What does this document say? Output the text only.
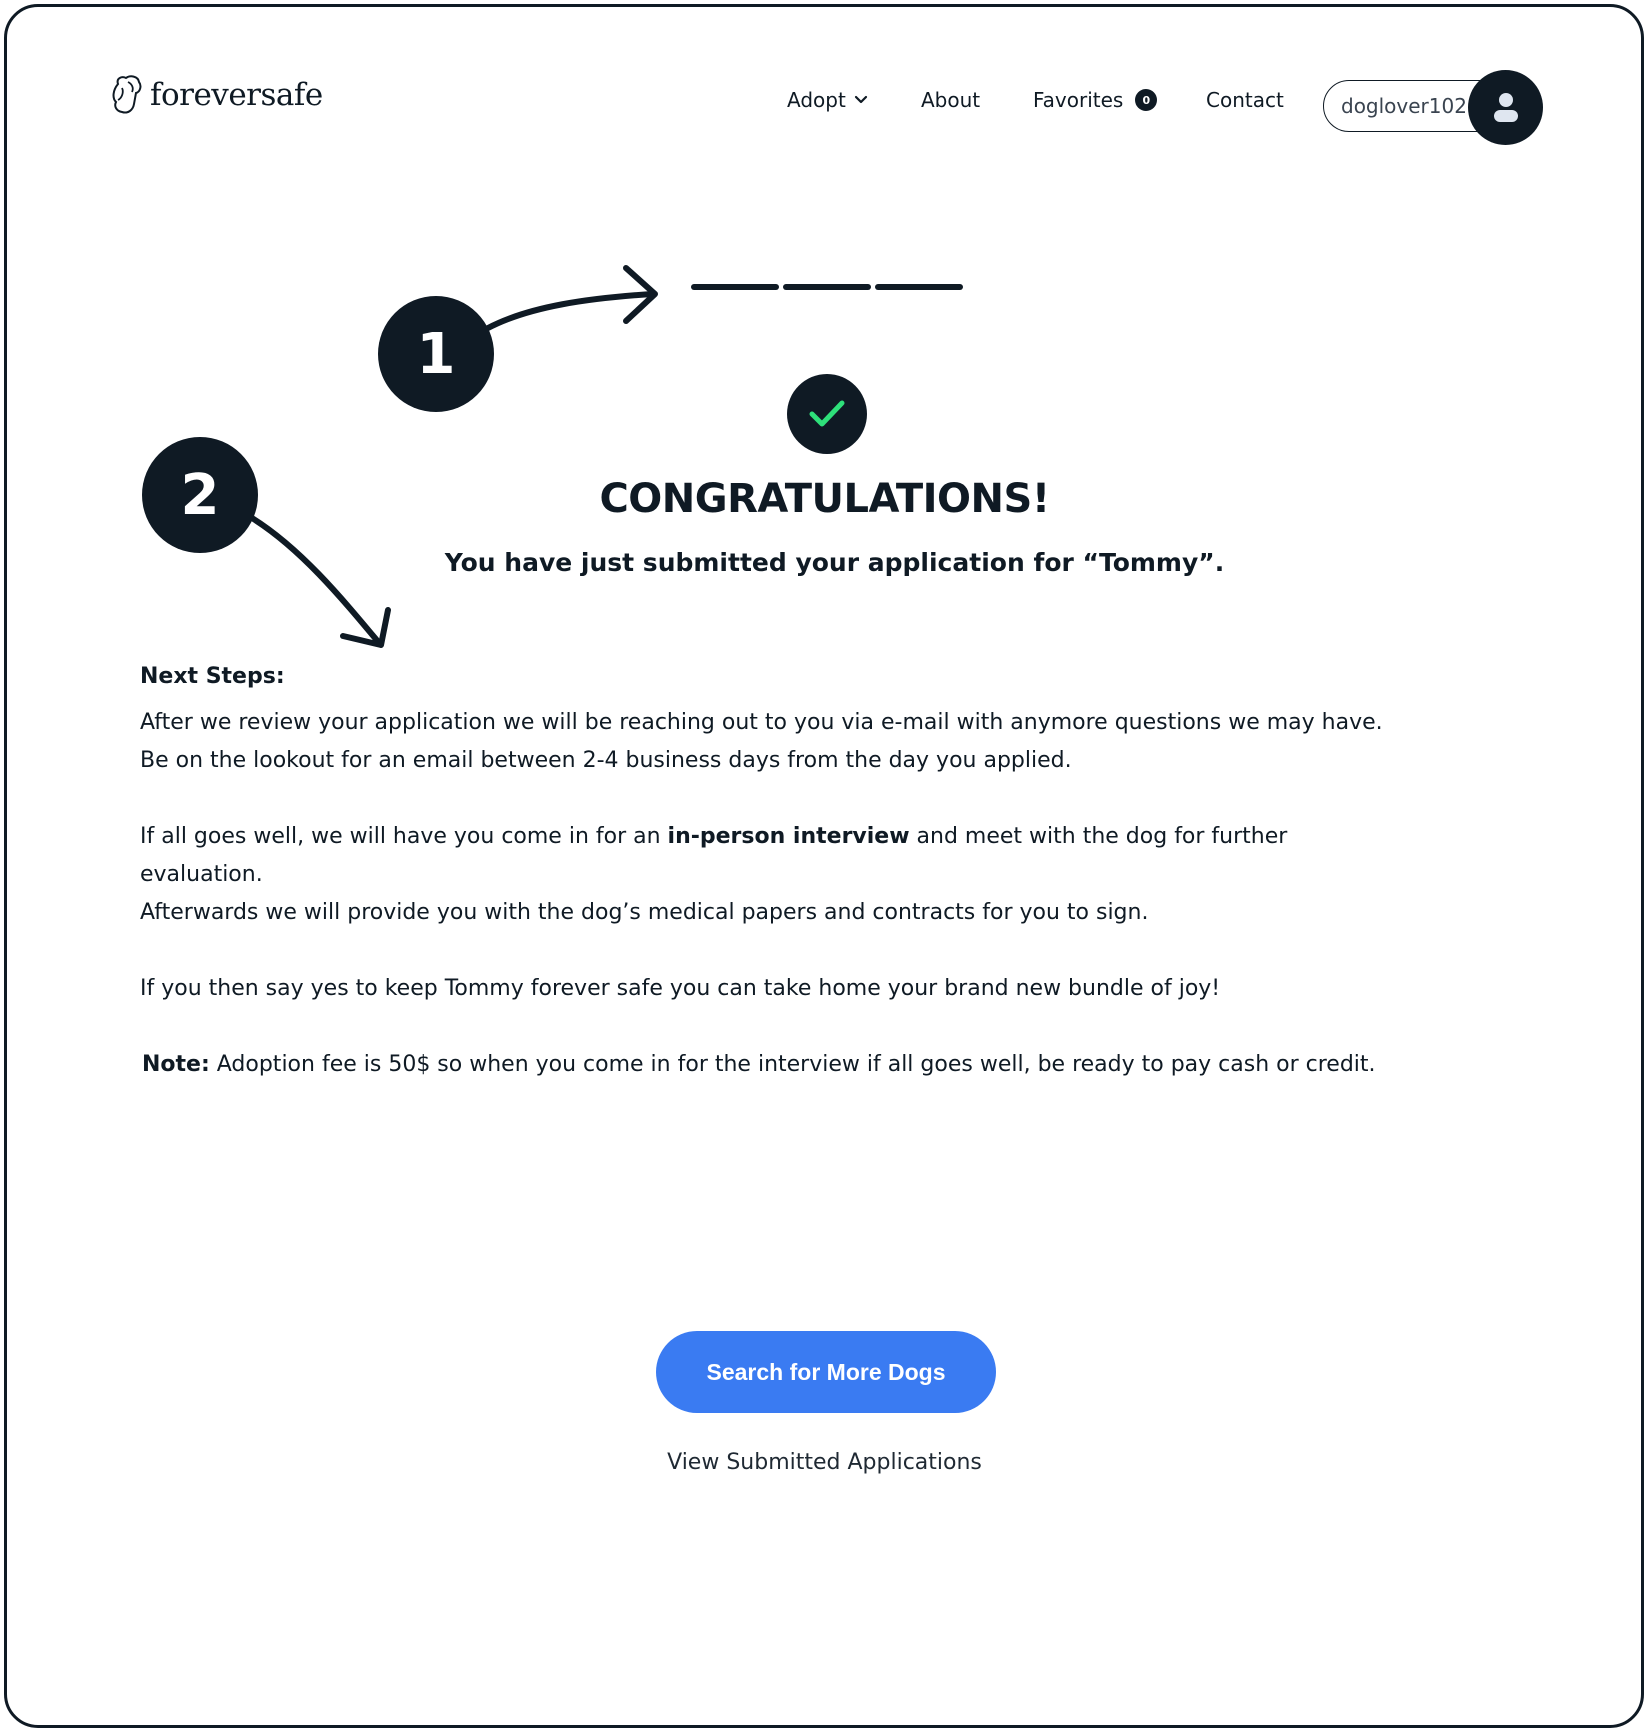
foreversafe	Adopt	About	Favorites	0	Contact	doglover102
1
2	CONGRATULATIONS!
You have just submitted your application for “Tommy”.
Next Steps:

After we review your application we will be reaching out to you via e-mail with anymore questions we may have.

Be on the lookout for an email between 2-4 business days from the day you applied.

If all goes well, we will have you come in for an in-person interview and meet with the dog for further evaluation.

Afterwards we will provide you with the dog’s medical papers and contracts for you to sign.

If you then say yes to keep Tommy forever safe you can take home your brand new bundle of joy!

Note: Adoption fee is 50$ so when you come in for the interview if all goes well, be ready to pay cash or credit.
Search for More Dogs
View Submitted Applications
